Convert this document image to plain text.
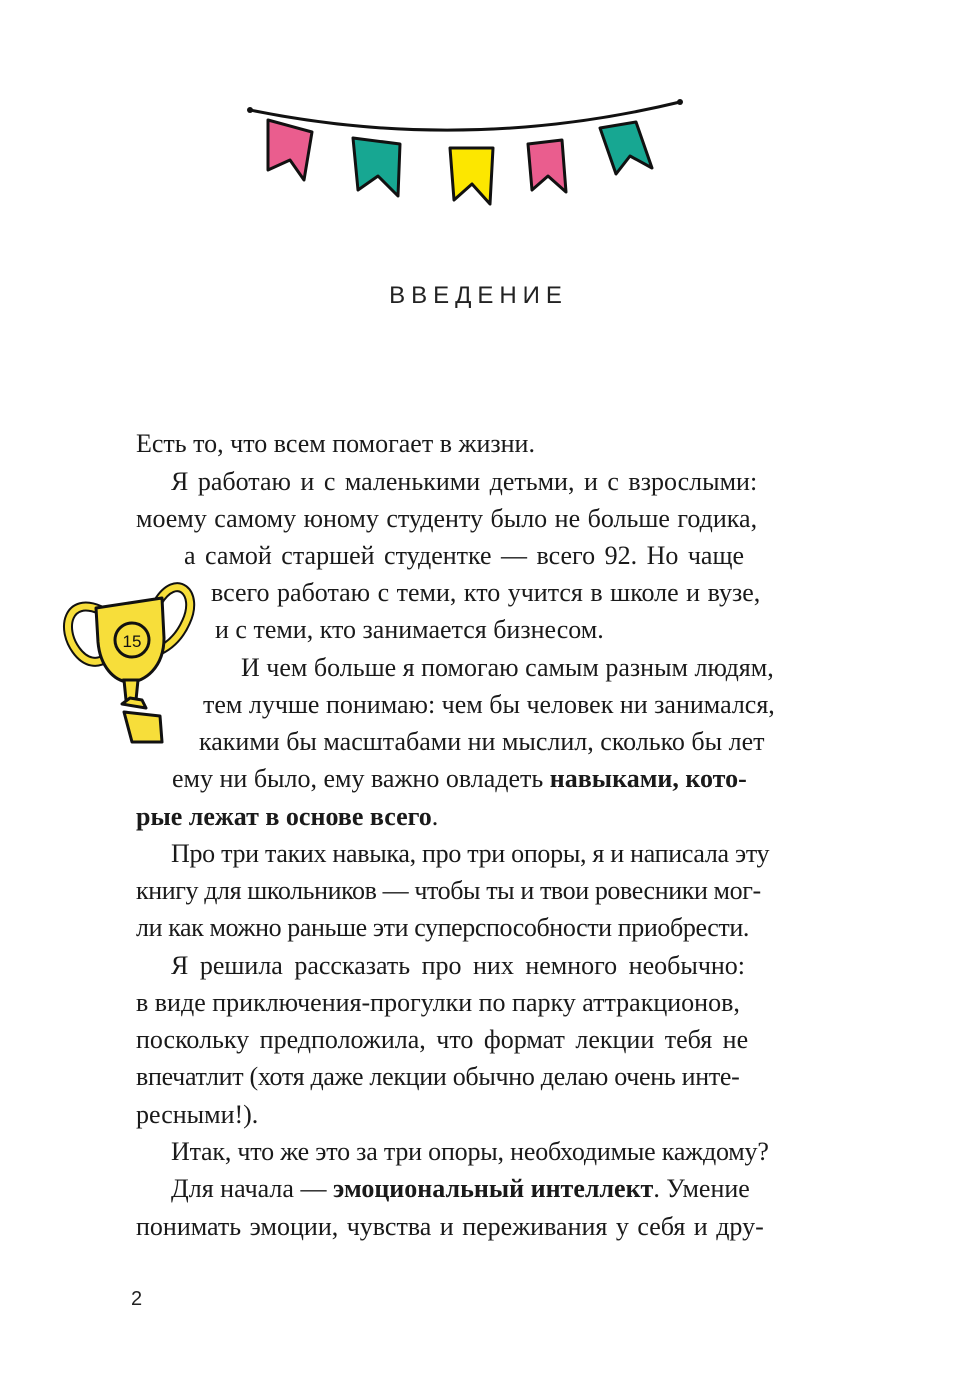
ВВЕДЕНИЕ
15
Есть то, что всем помогает в жизни.
Я работаю и с маленькими детьми, и с взрослыми:
моему самому юному студенту было не больше годика,
а самой старшей студентке — всего 92. Но чаще
всего работаю с теми, кто учится в школе и вузе,
и с теми, кто занимается бизнесом.
И чем больше я помогаю самым разным людям,
тем лучше понимаю: чем бы человек ни занимался,
какими бы масштабами ни мыслил, сколько бы лет
ему ни было, ему важно овладеть навыками, кото-
рые лежат в основе всего.
Про три таких навыка, про три опоры, я и написала эту
книгу для школьников — чтобы ты и твои ровесники мог-
ли как можно раньше эти суперспособности приобрести.
Я решила рассказать про них немного необычно:
в виде приключения-прогулки по парку аттракционов,
поскольку предположила, что формат лекции тебя не
впечатлит (хотя даже лекции обычно делаю очень инте-
ресными!).
Итак, что же это за три опоры, необходимые каждому?
Для начала — эмоциональный интеллект. Умение
понимать эмоции, чувства и переживания у себя и дру-
2
